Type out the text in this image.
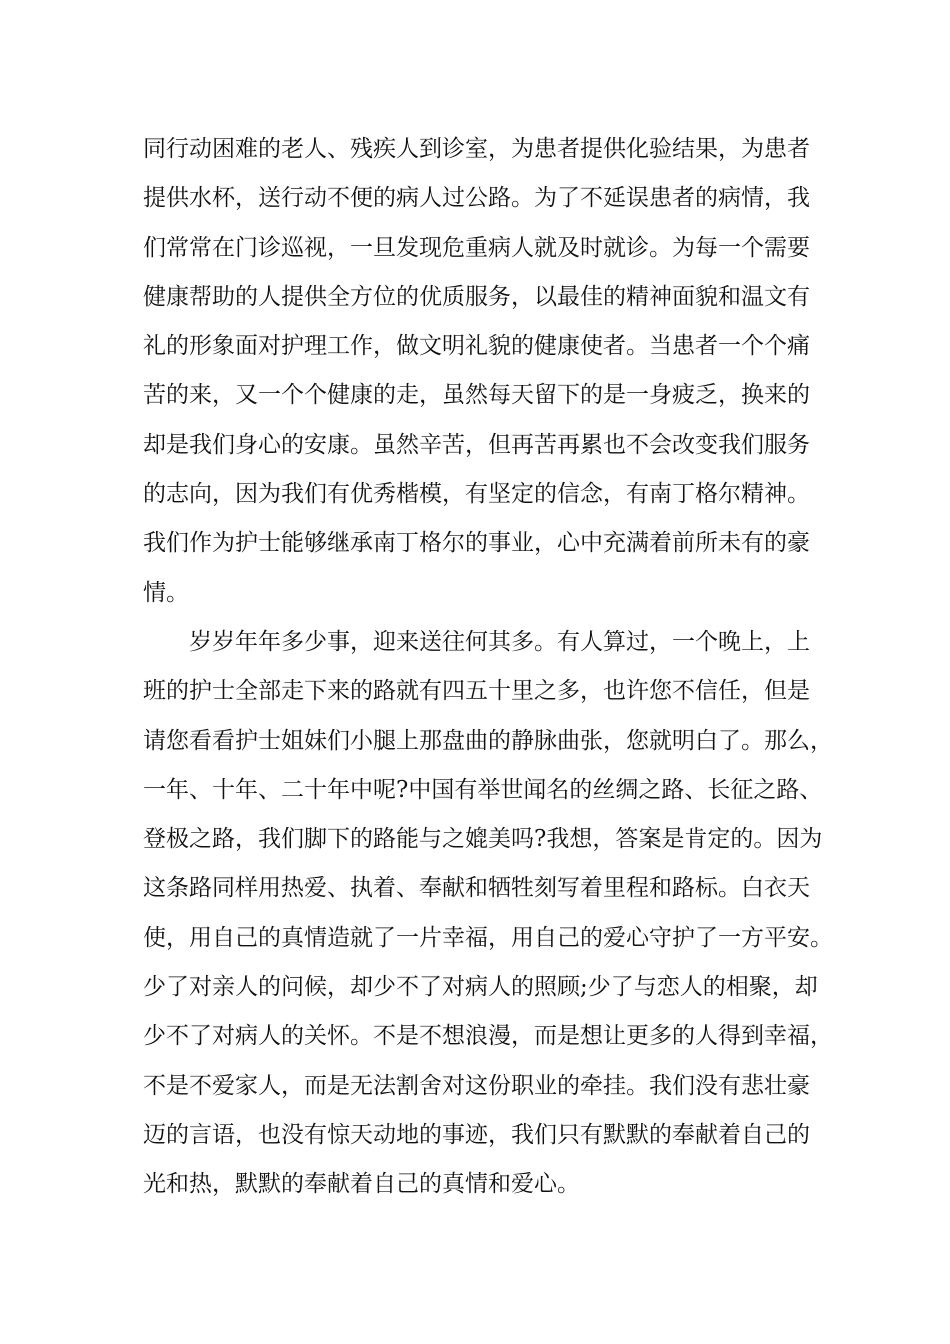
同行动困难的老人、残疾人到诊室，为患者提供化验结果，为患者
提供水杯，送行动不便的病人过公路。为了不延误患者的病情，我
们常常在门诊巡视，一旦发现危重病人就及时就诊。为每一个需要
健康帮助的人提供全方位的优质服务，以最佳的精神面貌和温文有
礼的形象面对护理工作，做文明礼貌的健康使者。当患者一个个痛
苦的来，又一个个健康的走，虽然每天留下的是一身疲乏，换来的
却是我们身心的安康。虽然辛苦，但再苦再累也不会改变我们服务
的志向，因为我们有优秀楷模，有坚定的信念，有南丁格尔精神。
我们作为护士能够继承南丁格尔的事业，心中充满着前所未有的豪
情。
岁岁年年多少事，迎来送往何其多。有人算过，一个晚上，上
班的护士全部走下来的路就有四五十里之多，也许您不信任，但是
请您看看护士姐妹们小腿上那盘曲的静脉曲张，您就明白了。那么，
一年、十年、二十年中呢?中国有举世闻名的丝绸之路、长征之路、
登极之路，我们脚下的路能与之媲美吗?我想，答案是肯定的。因为
这条路同样用热爱、执着、奉献和牺牲刻写着里程和路标。白衣天
使，用自己的真情造就了一片幸福，用自己的爱心守护了一方平安。
少了对亲人的问候，却少不了对病人的照顾;少了与恋人的相聚，却
少不了对病人的关怀。不是不想浪漫，而是想让更多的人得到幸福，
不是不爱家人，而是无法割舍对这份职业的牵挂。我们没有悲壮豪
迈的言语，也没有惊天动地的事迹，我们只有默默的奉献着自己的
光和热，默默的奉献着自己的真情和爱心。
